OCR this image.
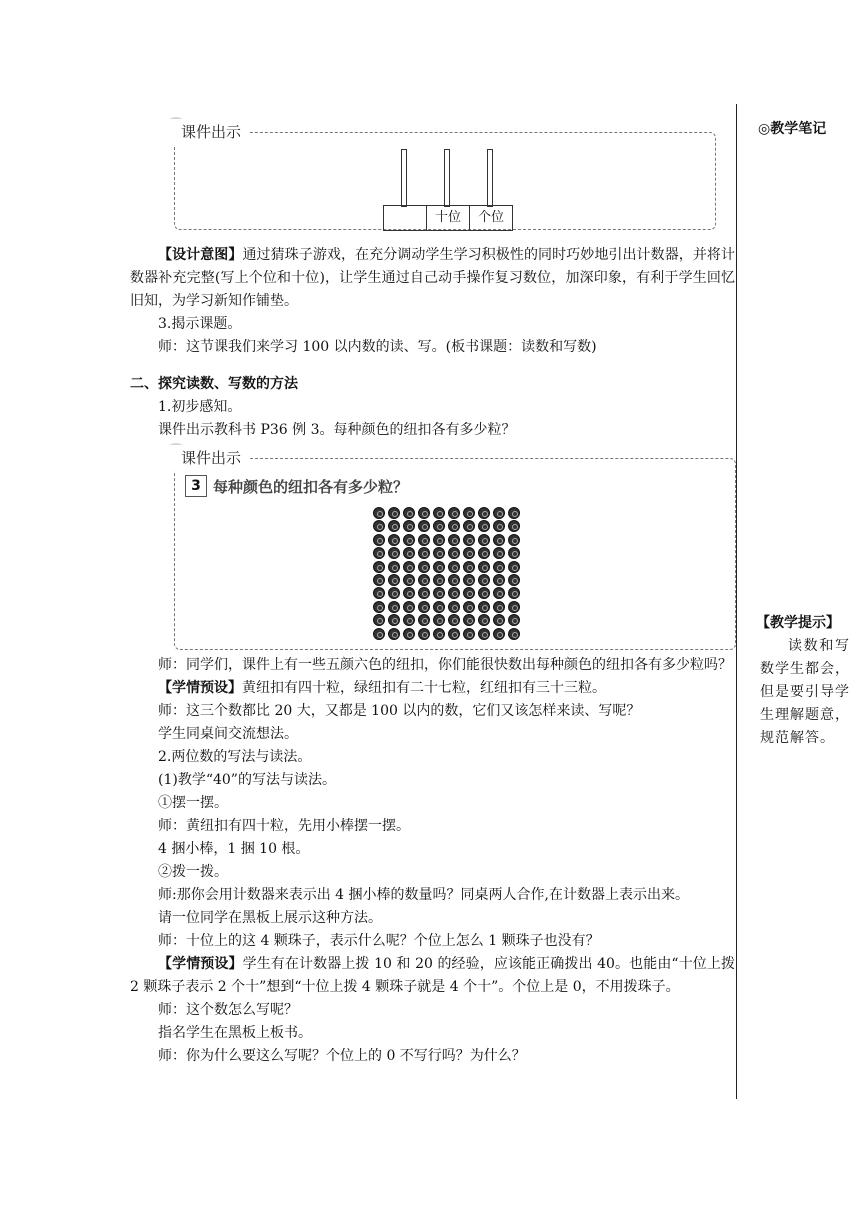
◎教学笔记
【教学提示】
读数和写数学生都会，但是要引导学生理解题意，规范解答。
课件出示
十位	个位

【设计意图】通过猜珠子游戏，在充分调动学生学习积极性的同时巧妙地引出计数器，并将计数器补充完整(写上个位和十位)，让学生通过自己动手操作复习数位，加深印象，有利于学生回忆旧知，为学习新知作铺垫。

3.揭示课题。

师：这节课我们来学习 100 以内数的读、写。(板书课题：读数和写数)

二、探究读数、写数的方法

1.初步感知。

课件出示教科书 P36 例 3。每种颜色的纽扣各有多少粒？

课件出示
3 每种颜色的纽扣各有多少粒？

师：同学们，课件上有一些五颜六色的纽扣，你们能很快数出每种颜色的纽扣各有多少粒吗？

【学情预设】黄纽扣有四十粒，绿纽扣有二十七粒，红纽扣有三十三粒。

师：这三个数都比 20 大，又都是 100 以内的数，它们又该怎样来读、写呢？

学生同桌间交流想法。

2.两位数的写法与读法。

(1)教学“40”的写法与读法。

①摆一摆。

师：黄纽扣有四十粒，先用小棒摆一摆。

4 捆小棒，1 捆 10 根。

②拨一拨。

师:那你会用计数器来表示出 4 捆小棒的数量吗？同桌两人合作,在计数器上表示出来。

请一位同学在黑板上展示这种方法。

师：十位上的这 4 颗珠子，表示什么呢？个位上怎么 1 颗珠子也没有？

【学情预设】学生有在计数器上拨 10 和 20 的经验，应该能正确拨出 40。也能由“十位上拨 2 颗珠子表示 2 个十”想到“十位上拨 4 颗珠子就是 4 个十”。个位上是 0，不用拨珠子。

师：这个数怎么写呢？

指名学生在黑板上板书。

师：你为什么要这么写呢？个位上的 0 不写行吗？为什么？
